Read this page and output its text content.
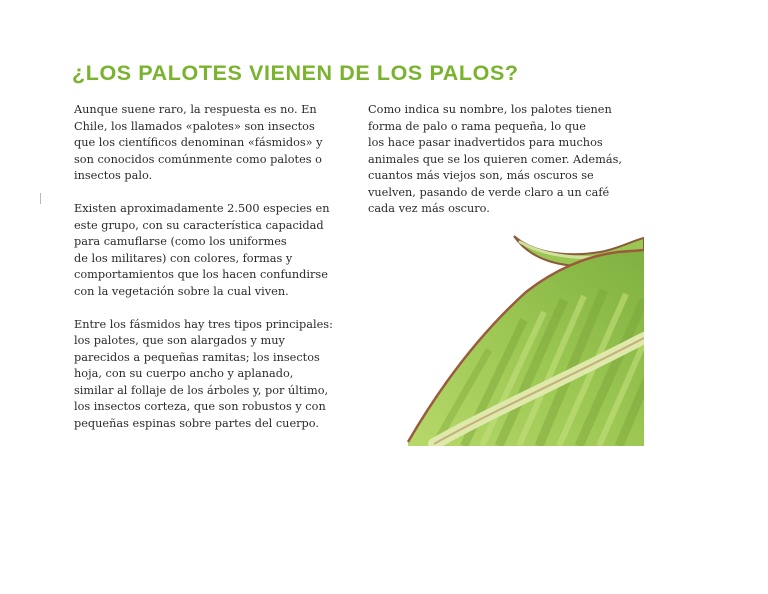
¿LOS PALOTES VIENEN DE LOS PALOS?

Aunque suene raro, la respuesta es no. En
Chile, los llamados «palotes» son insectos
que los científicos denominan «fásmidos» y
son conocidos comúnmente como palotes o
insectos palo.

Existen aproximadamente 2.500 especies en
este grupo, con su característica capacidad
para camuflarse (como los uniformes
de los militares) con colores, formas y
comportamientos que los hacen confundirse
con la vegetación sobre la cual viven.

Entre los fásmidos hay tres tipos principales:
los palotes, que son alargados y muy
parecidos a pequeñas ramitas; los insectos
hoja, con su cuerpo ancho y aplanado,
similar al follaje de los árboles y, por último,
los insectos corteza, que son robustos y con
pequeñas espinas sobre partes del cuerpo.

Como indica su nombre, los palotes tienen
forma de palo o rama pequeña, lo que
los hace pasar inadvertidos para muchos
animales que se los quieren comer. Además,
cuantos más viejos son, más oscuros se
vuelven, pasando de verde claro a un café
cada vez más oscuro.
